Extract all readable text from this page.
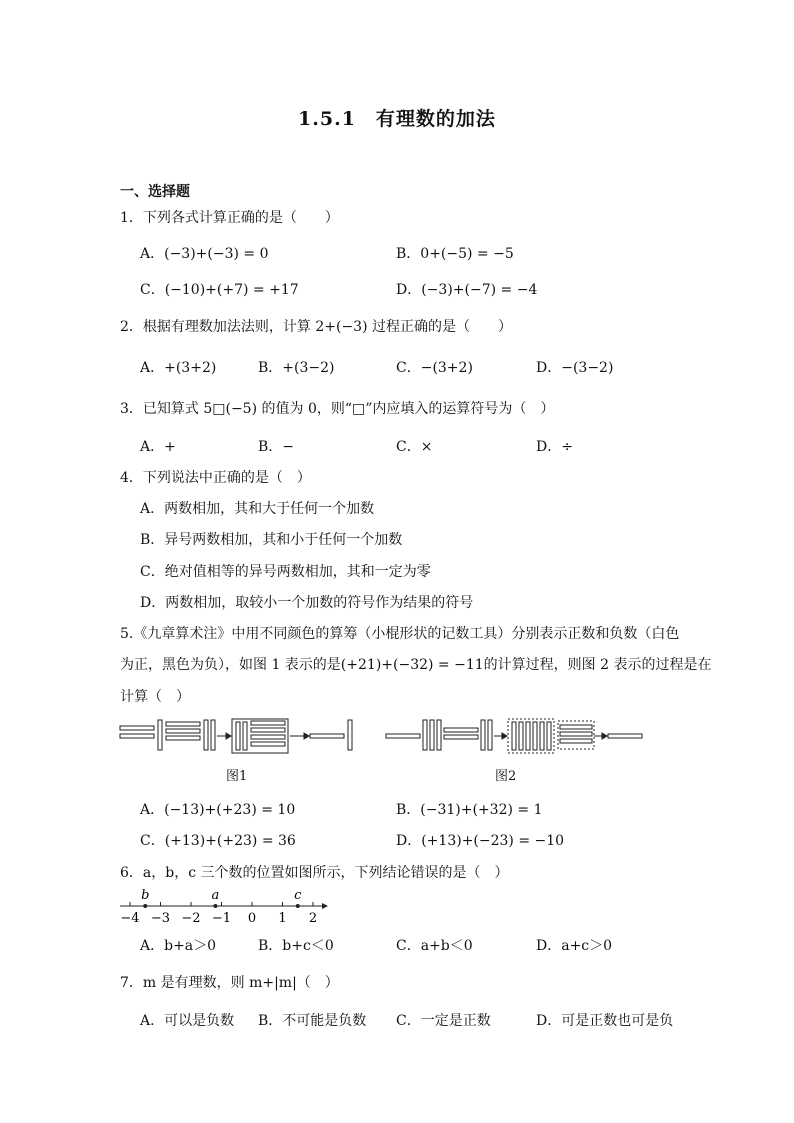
1.5.1　有理数的加法
一、选择题
1．下列各式计算正确的是（　　）
A．(−3)+(−3) = 0	B．0+(−5) = −5
C．(−10)+(+7) = +17	D．(−3)+(−7) = −4
2．根据有理数加法法则，计算 2+(−3) 过程正确的是（　　）
A．+(3+2)	B．+(3−2)	C．−(3+2)	D．−(3−2)
3．已知算式 5□(−5) 的值为 0，则“□”内应填入的运算符号为（　）
A．+	B．−	C．×	D．÷
4．下列说法中正确的是（　）
A．两数相加，其和大于任何一个加数
B．异号两数相加，其和小于任何一个加数
C．绝对值相等的异号两数相加，其和一定为零
D．两数相加，取较小一个加数的符号作为结果的符号
5.《九章算术注》中用不同颜色的算筹（小棍形状的记数工具）分别表示正数和负数（白色
为正，黑色为负），如图 1 表示的是(+21)+(−32) = −11的计算过程，则图 2 表示的过程是在
计算（　）
图1	图2
A．(−13)+(+23) = 10	B．(−31)+(+32) = 1
C．(+13)+(+23) = 36	D．(+13)+(−23) = −10
6．a，b，c 三个数的位置如图所示，下列结论错误的是（　）
−4 −3 −2 −1 0 1 2
b	a	c
A．b+a＞0	B．b+c＜0	C．a+b＜0	D．a+c＞0
7．m 是有理数，则 m+|m|（　）
A．可以是负数 B．不可能是负数 C．一定是正数	D．可是正数也可是负
